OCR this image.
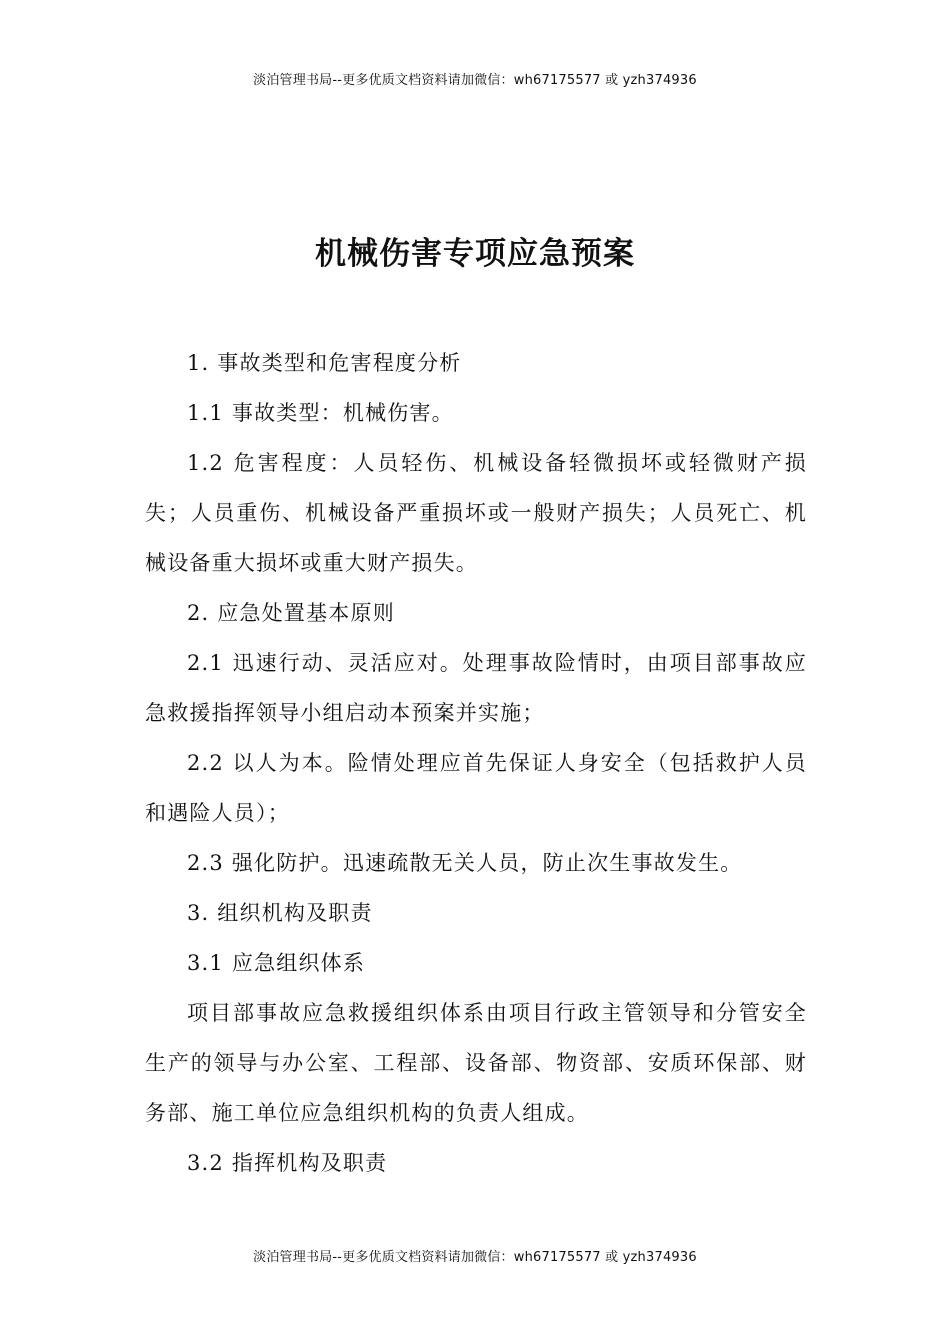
淡泊管理书局--更多优质文档资料请加微信：wh67175577 或 yzh374936
机械伤害专项应急预案

1. 事故类型和危害程度分析

1.1 事故类型：机械伤害。

1.2 危害程度：人员轻伤、机械设备轻微损坏或轻微财产损失；人员重伤、机械设备严重损坏或一般财产损失；人员死亡、机械设备重大损坏或重大财产损失。

2. 应急处置基本原则

2.1 迅速行动、灵活应对。处理事故险情时，由项目部事故应急救援指挥领导小组启动本预案并实施；

2.2 以人为本。险情处理应首先保证人身安全（包括救护人员和遇险人员）；

2.3 强化防护。迅速疏散无关人员，防止次生事故发生。

3. 组织机构及职责

3.1 应急组织体系

项目部事故应急救援组织体系由项目行政主管领导和分管安全生产的领导与办公室、工程部、设备部、物资部、安质环保部、财务部、施工单位应急组织机构的负责人组成。

3.2 指挥机构及职责

淡泊管理书局--更多优质文档资料请加微信：wh67175577 或 yzh374936
